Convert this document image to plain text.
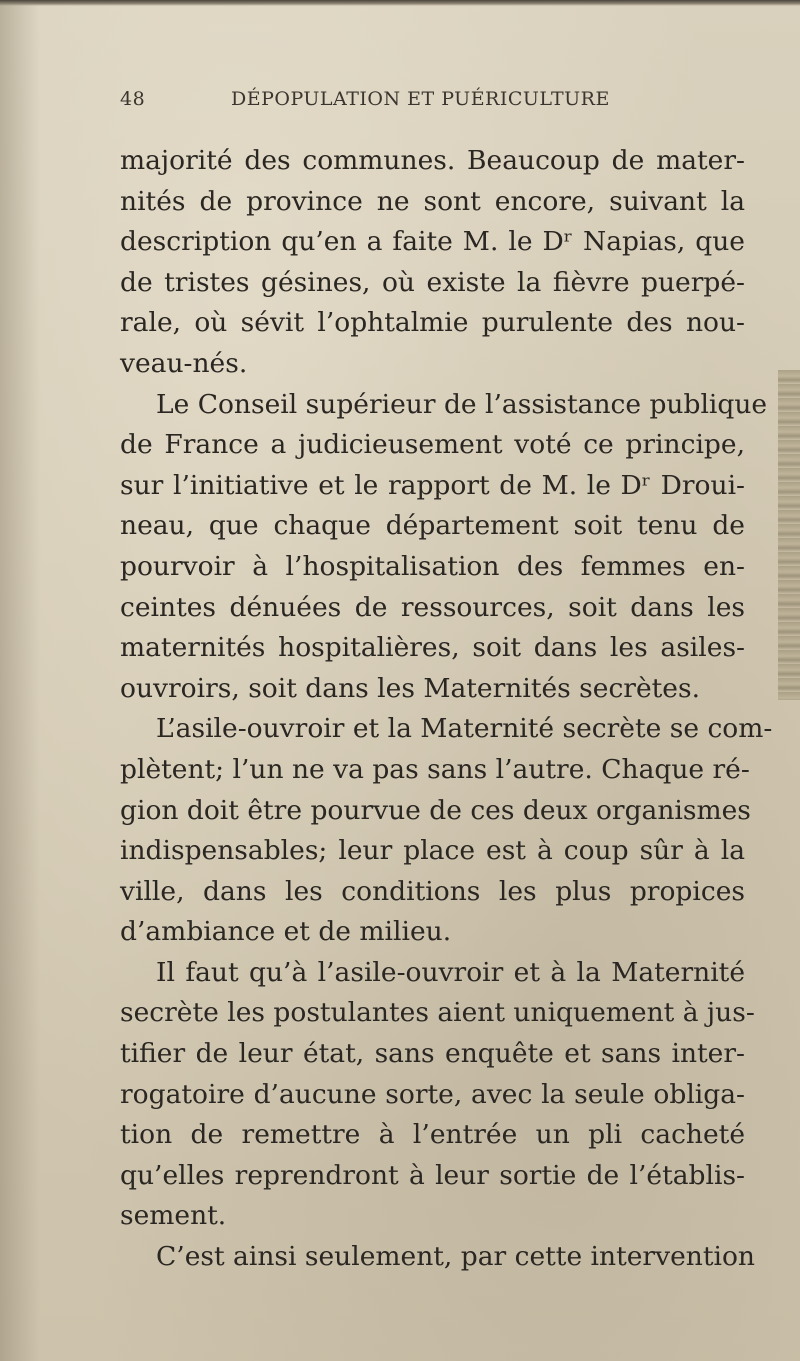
48	DÉPOPULATION ET PUÉRICULTURE
majorité des communes. Beaucoup de mater-
nités de province ne sont encore, suivant la
description qu’en a faite M. le Dʳ Napias, que
de tristes gésines, où existe la fièvre puerpé-
rale, où sévit l’ophtalmie purulente des nou-
veau-nés.
Le Conseil supérieur de l’assistance publique
de France a judicieusement voté ce principe,
sur l’initiative et le rapport de M. le Dʳ Droui-
neau, que chaque département soit tenu de
pourvoir à l’hospitalisation des femmes en-
ceintes dénuées de ressources, soit dans les
maternités hospitalières, soit dans les asiles-
ouvroirs, soit dans les Maternités secrètes.
L’asile-ouvroir et la Maternité secrète se com-
plètent; l’un ne va pas sans l’autre. Chaque ré-
gion doit être pourvue de ces deux organismes
indispensables; leur place est à coup sûr à la
ville, dans les conditions les plus propices
d’ambiance et de milieu.
Il faut qu’à l’asile-ouvroir et à la Maternité
secrète les postulantes aient uniquement à jus-
tifier de leur état, sans enquête et sans inter-
rogatoire d’aucune sorte, avec la seule obliga-
tion de remettre à l’entrée un pli cacheté
qu’elles reprendront à leur sortie de l’établis-
sement.
C’est ainsi seulement, par cette intervention
